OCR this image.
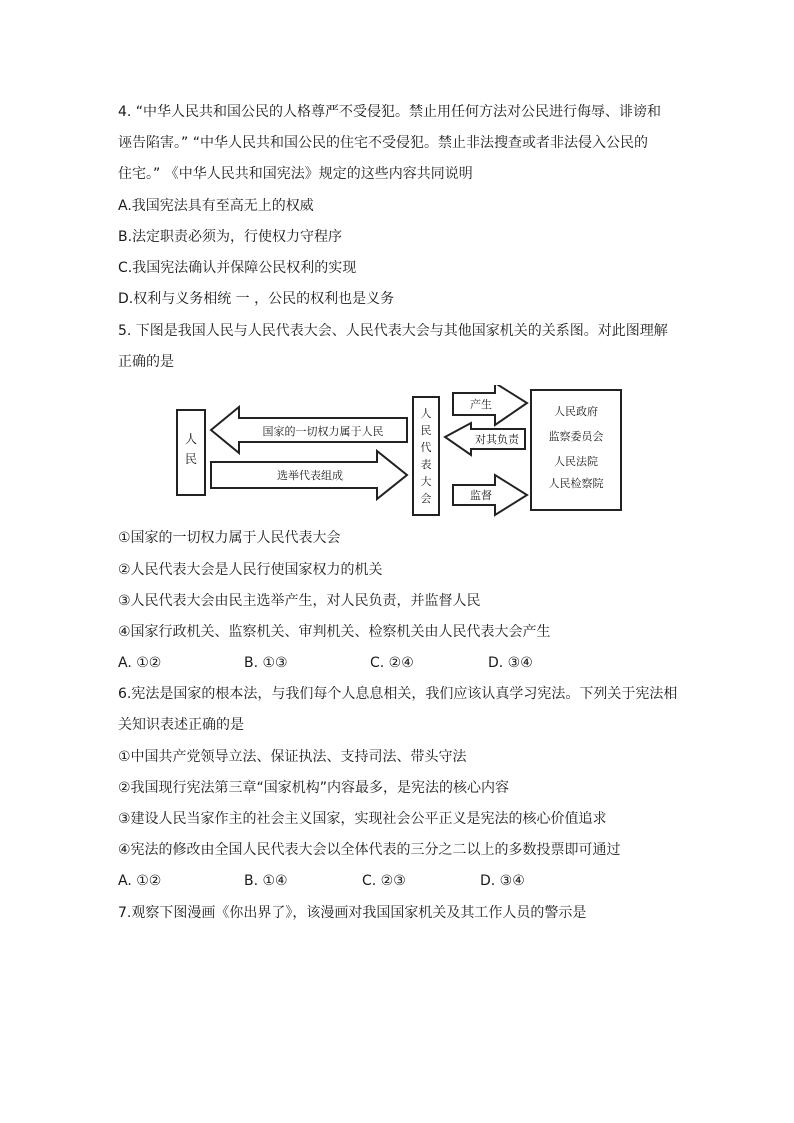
4. “中华人民共和国公民的人格尊严不受侵犯。禁止用任何方法对公民进行侮辱、诽谤和
诬告陷害。” “中华人民共和国公民的住宅不受侵犯。禁止非法搜查或者非法侵入公民的
住宅。” 《中华人民共和国宪法》规定的这些内容共同说明
A.我国宪法具有至高无上的权威
B.法定职责必须为，行使权力守程序
C.我国宪法确认并保障公民权利的实现
D.权利与义务相统 一 ，公民的权利也是义务
5. 下图是我国人民与人民代表大会、人民代表大会与其他国家机关的关系图。对此图理解
正确的是
人
民
国家的一切权力属于人民
选举代表组成
人
民
代
表
大
会
产生
对其负责
监督
人民政府
监察委员会
人民法院
人民检察院
①国家的一切权力属于人民代表大会
②人民代表大会是人民行使国家权力的机关
③人民代表大会由民主选举产生，对人民负责，并监督人民
④国家行政机关、监察机关、审判机关、检察机关由人民代表大会产生
A. ①②	B. ①③	C. ②④	D. ③④
6.宪法是国家的根本法，与我们每个人息息相关，我们应该认真学习宪法。下列关于宪法相
关知识表述正确的是
①中国共产党领导立法、保证执法、支持司法、带头守法
②我国现行宪法第三章“国家机构”内容最多，是宪法的核心内容
③建设人民当家作主的社会主义国家，实现社会公平正义是宪法的核心价值追求
④宪法的修改由全国人民代表大会以全体代表的三分之二以上的多数投票即可通过
A. ①②	B. ①④	C. ②③	D. ③④
7.观察下图漫画《你出界了》，该漫画对我国国家机关及其工作人员的警示是
